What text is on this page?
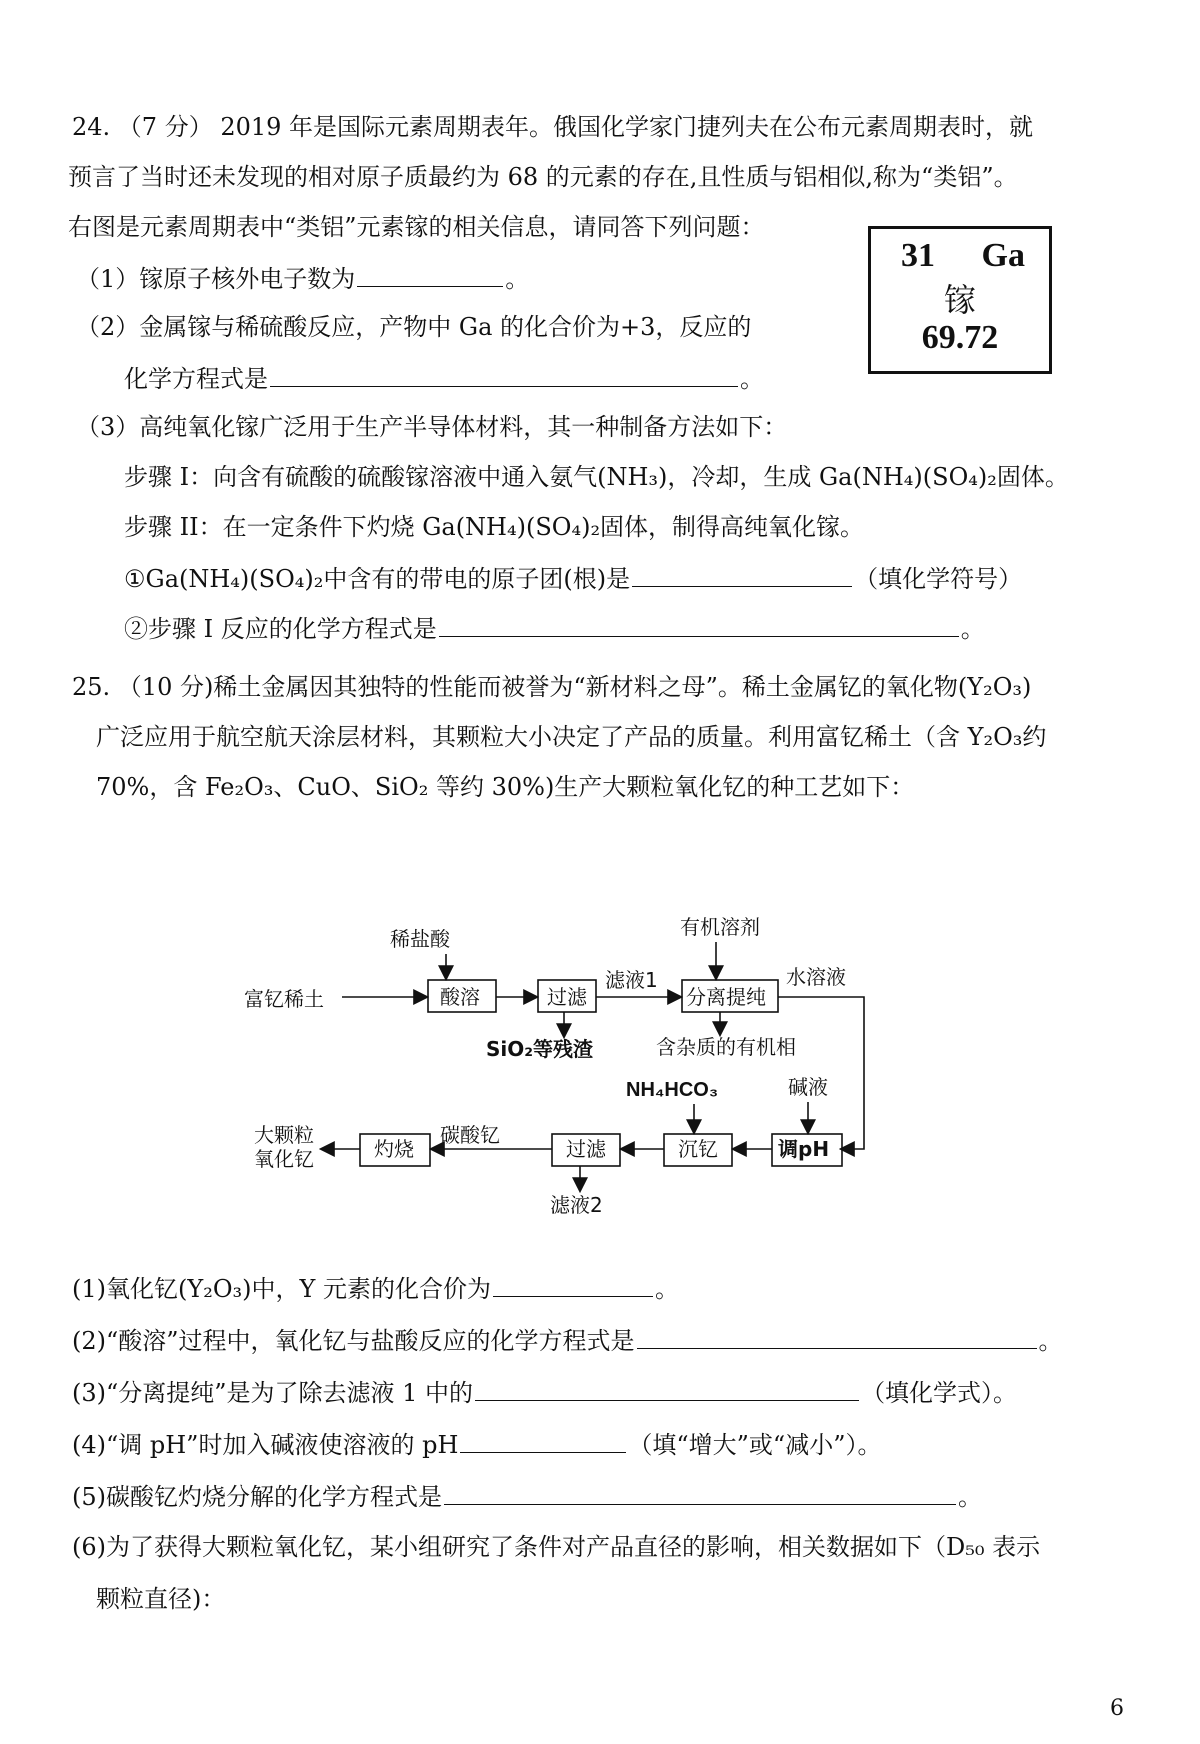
24. （7 分） 2019 年是国际元素周期表年。俄国化学家门捷列夫在公布元素周期表时，就
预言了当时还未发现的相对原子质最约为 68 的元素的存在,且性质与铝相似,称为“类铝”。
右图是元素周期表中“类铝”元素镓的相关信息，请同答下列问题：
31 Ga
镓
69.72
（1）镓原子核外电子数为	。
（2）金属镓与稀硫酸反应，产物中 Ga 的化合价为+3，反应的
化学方程式是	。
（3）高纯氧化镓广泛用于生产半导体材料，其一种制备方法如下：
步骤 I：向含有硫酸的硫酸镓溶液中通入氨气(NH₃)，冷却，生成 Ga(NH₄)(SO₄)₂固体。
步骤 II：在一定条件下灼烧 Ga(NH₄)(SO₄)₂固体，制得高纯氧化镓。
①Ga(NH₄)(SO₄)₂中含有的带电的原子团(根)是	（填化学符号）
②步骤 I 反应的化学方程式是	。
25. （10 分)稀土金属因其独特的性能而被誉为“新材料之母”。稀土金属钇的氧化物(Y₂O₃)
广泛应用于航空航天涂层材料，其颗粒大小决定了产品的质量。利用富钇稀土（含 Y₂O₃约
70%，含 Fe₂O₃、CuO、SiO₂ 等约 30%)生产大颗粒氧化钇的种工艺如下：
富钇稀土
稀盐酸
酸溶	过滤
滤液1
分离提纯
有机溶剂
水溶液
SiO₂等残渣	含杂质的有机相
NH₄HCO₃	碱液
调pH
沉钇
过滤
滤液2
碳酸钇
灼烧
大颗粒
氧化钇
(1)氧化钇(Y₂O₃)中，Y 元素的化合价为	。
(2)“酸溶”过程中，氧化钇与盐酸反应的化学方程式是	。
(3)“分离提纯”是为了除去滤液 1 中的	（填化学式）。
(4)“调 pH”时加入碱液使溶液的 pH	（填“增大”或“减小”）。
(5)碳酸钇灼烧分解的化学方程式是	。
(6)为了获得大颗粒氧化钇，某小组研究了条件对产品直径的影响，相关数据如下（D₅₀ 表示
颗粒直径)：
6
